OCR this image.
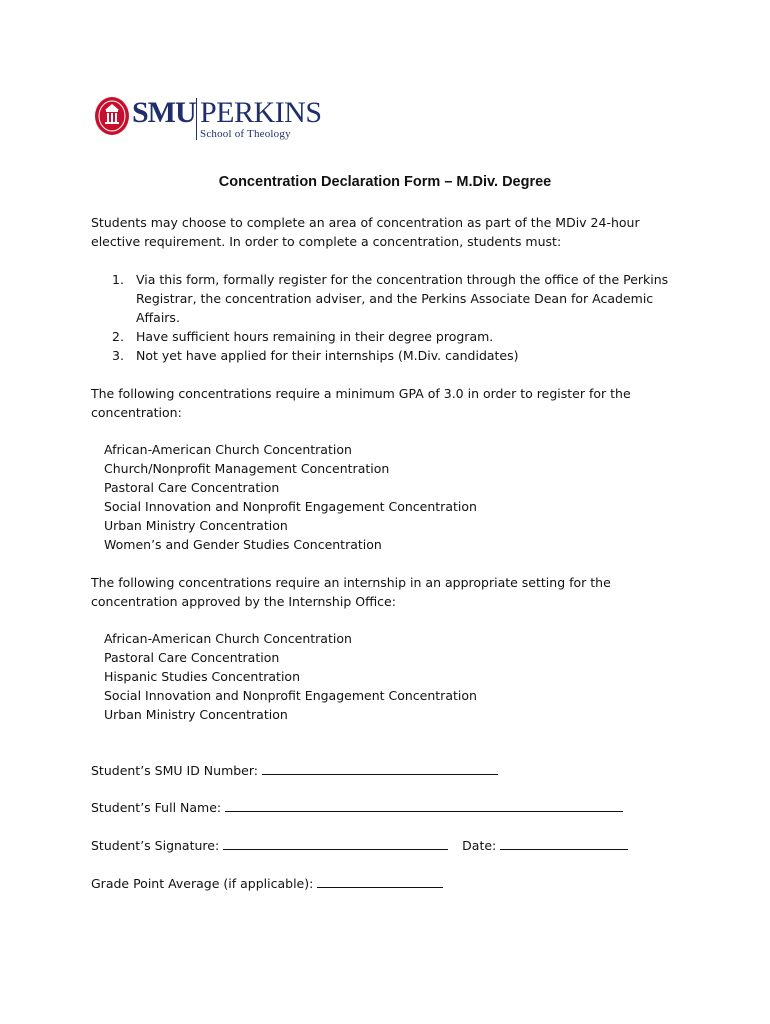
SMU PERKINS
School of Theology
Concentration Declaration Form – M.Div. Degree
Students may choose to complete an area of concentration as part of the MDiv 24-hour elective requirement. In order to complete a concentration, students must:
1. Via this form, formally register for the concentration through the office of the Perkins Registrar, the concentration adviser, and the Perkins Associate Dean for Academic Affairs.
2. Have sufficient hours remaining in their degree program.
3. Not yet have applied for their internships (M.Div. candidates)
The following concentrations require a minimum GPA of 3.0 in order to register for the concentration:
African-American Church Concentration
Church/Nonprofit Management Concentration
Pastoral Care Concentration
Social Innovation and Nonprofit Engagement Concentration
Urban Ministry Concentration
Women’s and Gender Studies Concentration
The following concentrations require an internship in an appropriate setting for the concentration approved by the Internship Office:
African-American Church Concentration
Pastoral Care Concentration
Hispanic Studies Concentration
Social Innovation and Nonprofit Engagement Concentration
Urban Ministry Concentration
Student’s SMU ID Number:
Student’s Full Name:
Student’s Signature:	Date:
Grade Point Average (if applicable):
